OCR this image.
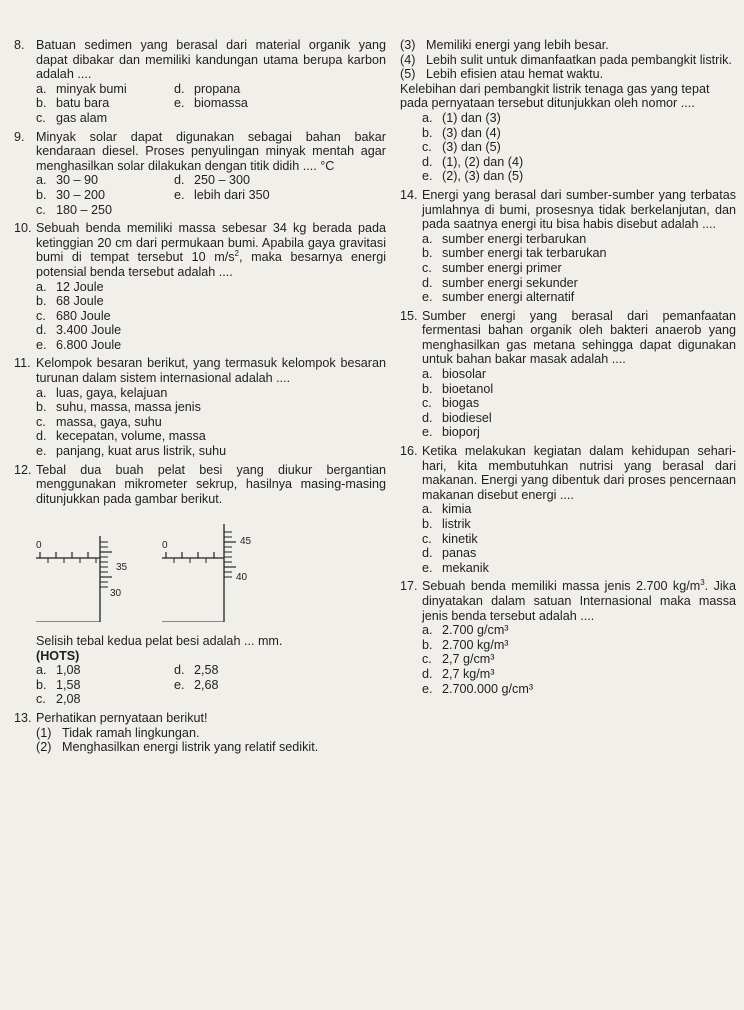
8. Batuan sedimen yang berasal dari material organik yang dapat dibakar dan memiliki kandungan utama berupa karbon adalah ....
a. minyak bumi	d. propana
b. batu bara	e. biomassa
c. gas alam
9. Minyak solar dapat digunakan sebagai bahan bakar kendaraan diesel. Proses penyulingan minyak mentah agar menghasilkan solar dilakukan dengan titik didih .... °C
a. 30 – 90	d. 250 – 300
b. 30 – 200	e. lebih dari 350
c. 180 – 250
10. Sebuah benda memiliki massa sebesar 34 kg berada pada ketinggian 20 cm dari permukaan bumi. Apabila gaya gravitasi bumi di tempat tersebut 10 $m/s^2$, maka besarnya energi potensial benda tersebut adalah ....
a. 12 Joule
b. 68 Joule
c. 680 Joule
d. 3.400 Joule
e. 6.800 Joule
11. Kelompok besaran berikut, yang termasuk kelompok besaran turunan dalam sistem internasional adalah ....
a. luas, gaya, kelajuan
b. suhu, massa, massa jenis
c. massa, gaya, suhu
d. kecepatan, volume, massa
e. panjang, kuat arus listrik, suhu
12. Tebal dua buah pelat besi yang diukur bergantian menggunakan mikrometer sekrup, hasilnya masing-masing ditunjukkan pada gambar berikut.
0
35
30
0	45
40
Selisih tebal kedua pelat besi adalah ... mm.
(HOTS)
a. 1,08	d. 2,58
b. 1,58	e. 2,68
c. 2,08
13. Perhatikan pernyataan berikut!
(1) Tidak ramah lingkungan.
(2) Menghasilkan energi listrik yang relatif sedikit.
(3) Memiliki energi yang lebih besar.
(4) Lebih sulit untuk dimanfaatkan pada pembangkit listrik.
(5) Lebih efisien atau hemat waktu.
Kelebihan dari pembangkit listrik tenaga gas yang tepat pada pernyataan tersebut ditunjukkan oleh nomor ....
a. (1) dan (3)
b. (3) dan (4)
c. (3) dan (5)
d. (1), (2) dan (4)
e. (2), (3) dan (5)
14. Energi yang berasal dari sumber-sumber yang terbatas jumlahnya di bumi, prosesnya tidak berkelanjutan, dan pada saatnya energi itu bisa habis disebut adalah ....
a. sumber energi terbarukan
b. sumber energi tak terbarukan
c. sumber energi primer
d. sumber energi sekunder
e. sumber energi alternatif
15. Sumber energi yang berasal dari pemanfaatan fermentasi bahan organik oleh bakteri anaerob yang menghasilkan gas metana sehingga dapat digunakan untuk bahan bakar masak adalah ....
a. biosolar
b. bioetanol
c. biogas
d. biodiesel
e. bioporj
16. Ketika melakukan kegiatan dalam kehidupan sehari-hari, kita membutuhkan nutrisi yang berasal dari makanan. Energi yang dibentuk dari proses pencernaan makanan disebut energi ....
a. kimia
b. listrik
c. kinetik
d. panas
e. mekanik
17. Sebuah benda memiliki massa jenis 2.700 $kg/m^3$. Jika dinyatakan dalam satuan Internasional maka massa jenis benda tersebut adalah ....
a. 2.700 g/cm³
b. 2.700 kg/m³
c. 2,7 g/cm³
d. 2,7 kg/m³
e. 2.700.000 g/cm³
